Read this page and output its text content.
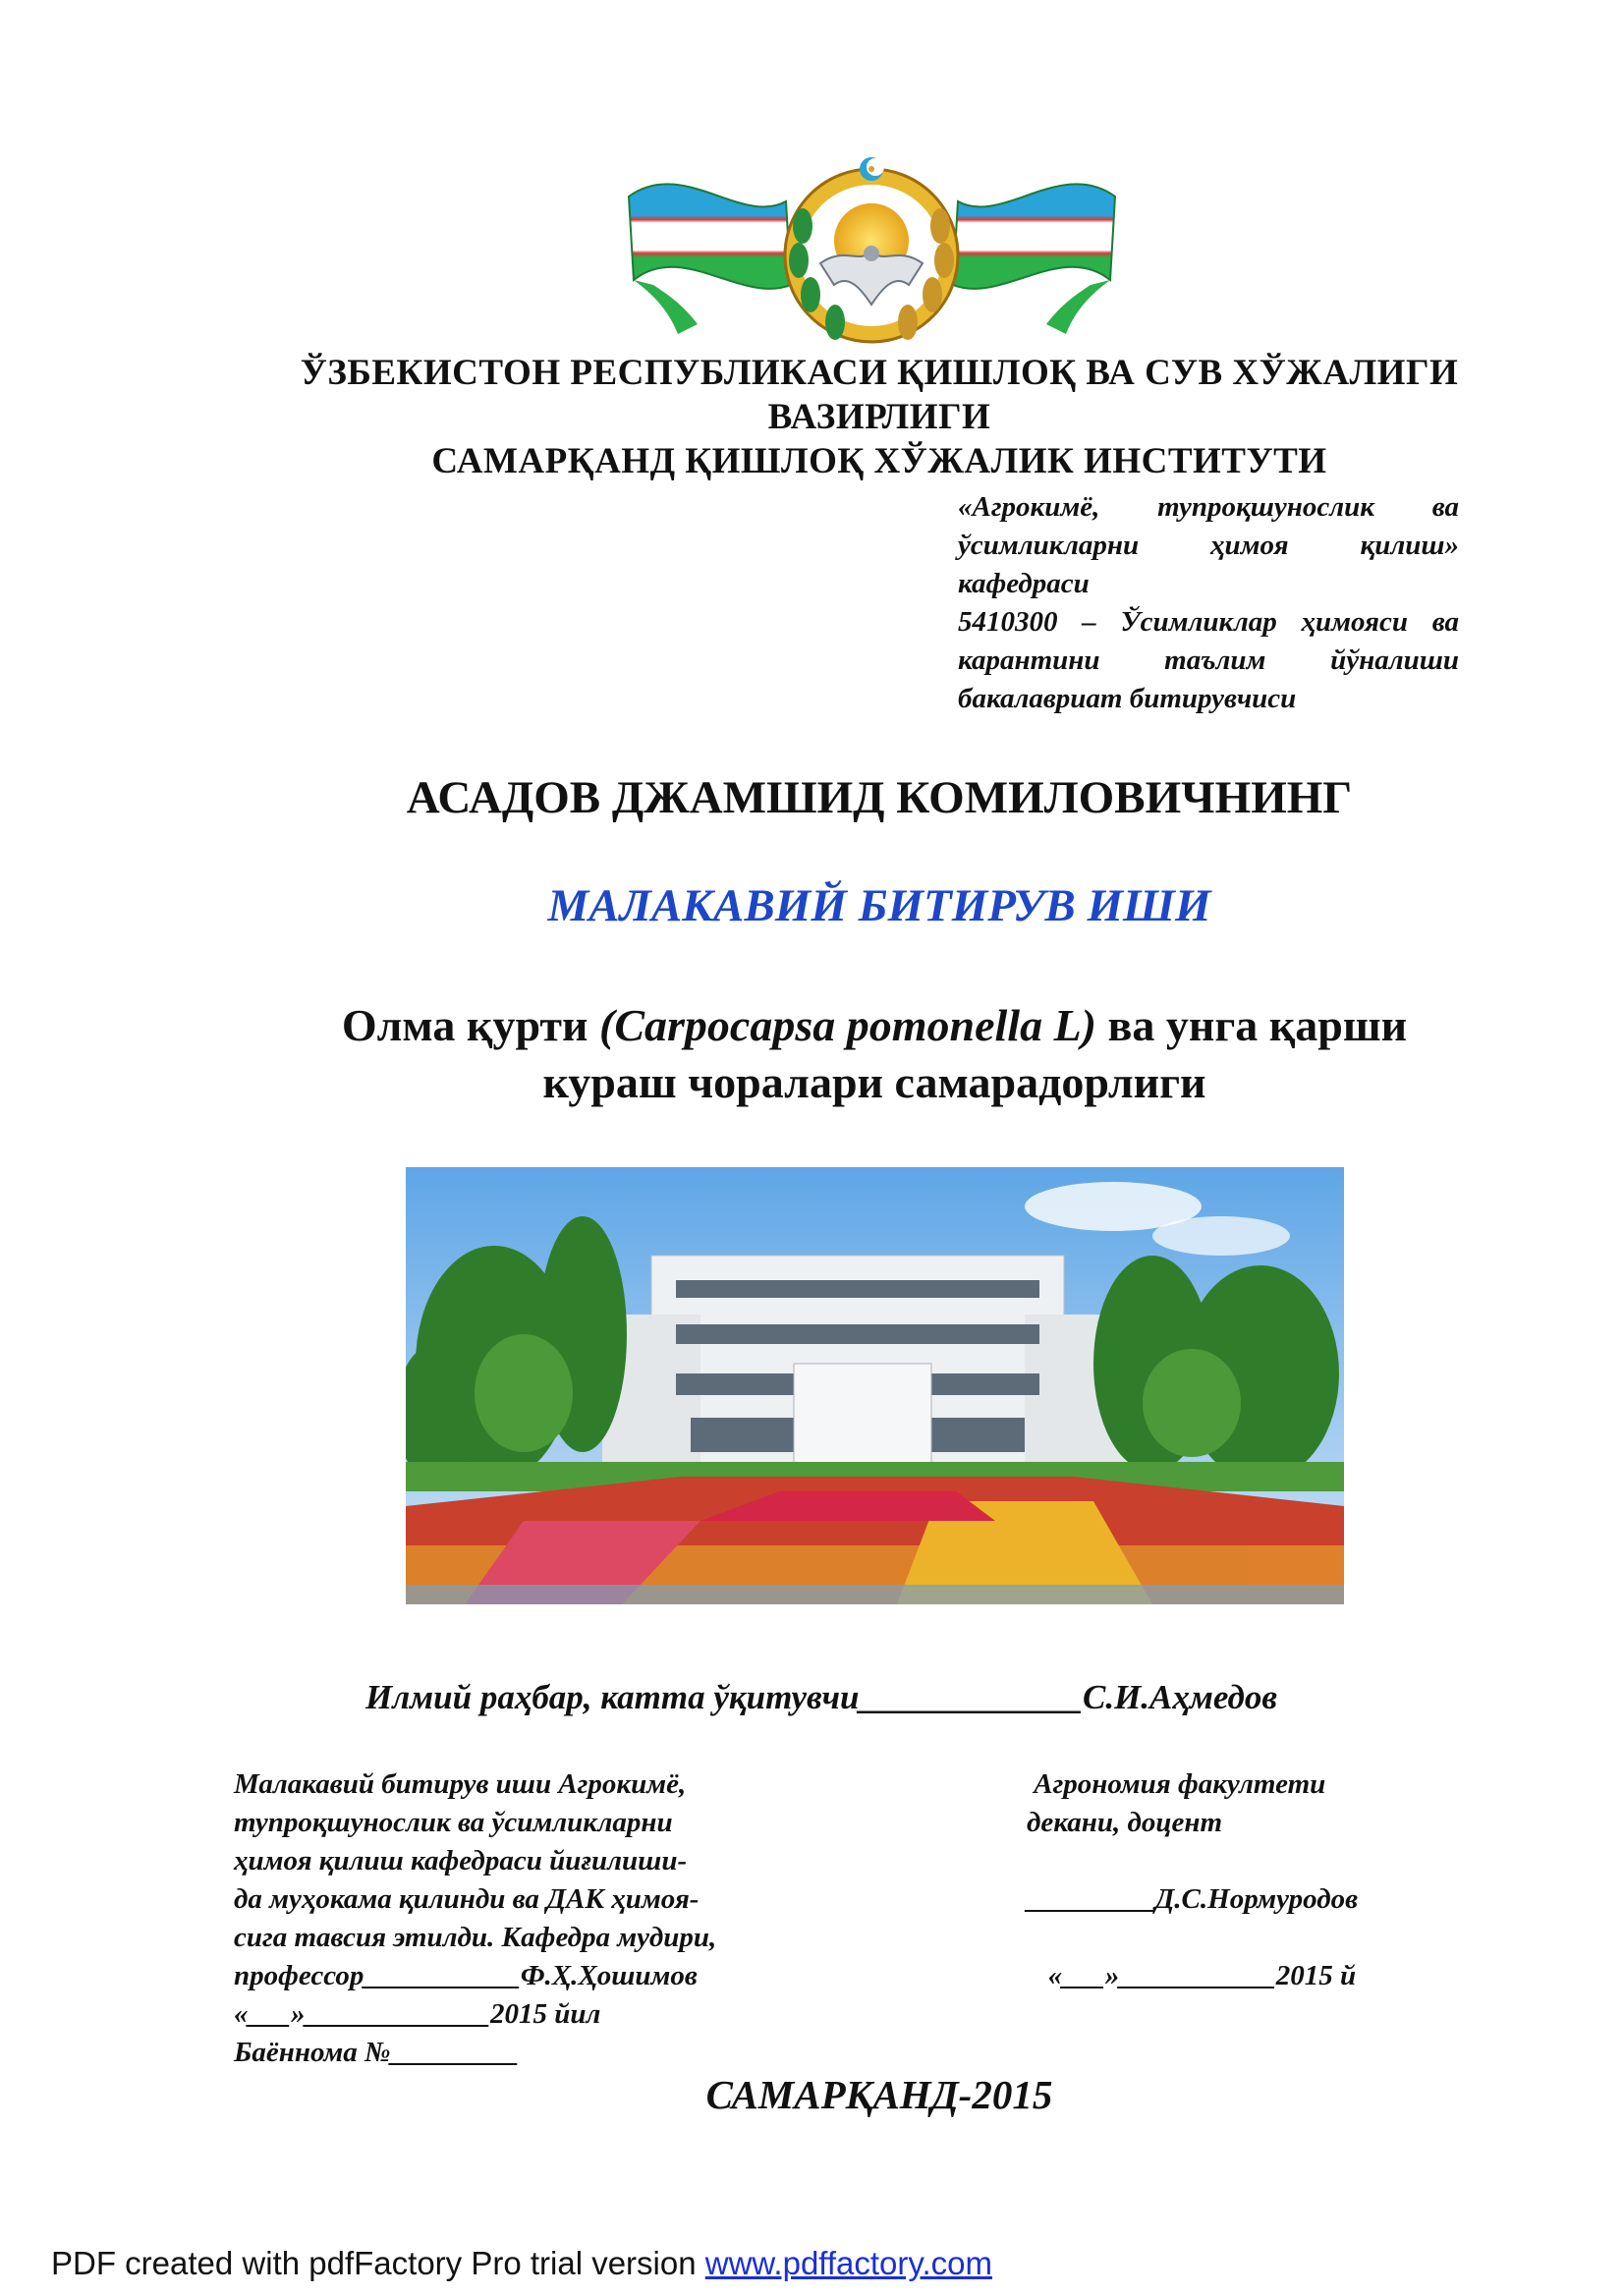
ЎЗБЕКИСТОН РЕСПУБЛИКАСИ ҚИШЛОҚ ВА СУВ ХЎЖАЛИГИ
ВАЗИРЛИГИ
САМАРҚАНД ҚИШЛОҚ ХЎЖАЛИК ИНСТИТУТИ
«Агрокимё, тупроқшунослик ва
ўсимликларни ҳимоя қилиш»
кафедраси
5410300 – Ўсимликлар ҳимояси ва
карантини таълим йўналиши
бакалавриат битирувчиси
АСАДОВ ДЖАМШИД КОМИЛОВИЧНИНГ
МАЛАКАВИЙ БИТИРУВ ИШИ
Олма қурти (Carpocapsa pomonella L) ва унга қарши
кураш чоралари самарадорлиги
Илмий раҳбар, катта ўқитувчи_____________С.И.Аҳмедов
Малакавий битирув иши Агрокимё,
тупроқшунослик ва ўсимликларни
ҳимоя қилиш кафедраси йиғилиши-
да муҳокама қилинди ва ДАК ҳимоя-
сига тавсия этилди. Кафедра мудири,
профессор___________Ф.Ҳ.Ҳошимов
«___»_____________2015 йил
Баённома №_________
Агрономия факултети
декани, доцент
_________Д.С.Нормуродов
«___»___________2015 й
САМАРҚАНД-2015
PDF created with pdfFactory Pro trial version www.pdffactory.com
